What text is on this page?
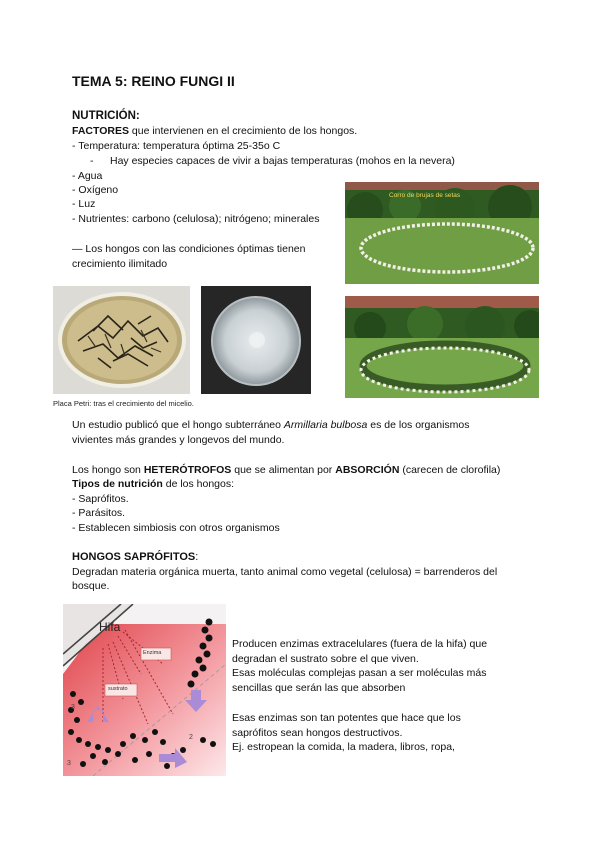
TEMA 5: REINO FUNGI II
NUTRICIÓN:
FACTORES que intervienen en el crecimiento de los hongos.
- Temperatura: temperatura óptima 25-35o C
- Hay especies capaces de vivir a bajas temperaturas (mohos en la nevera)
- Agua
- Oxígeno
- Luz
- Nutrientes: carbono (celulosa); nitrógeno; minerales
— Los hongos con las condiciones óptimas tienen
crecimiento ilimitado
Corro de brujas de setas
Placa Petri: tras el crecimiento del micelio.
Un estudio publicó que el hongo subterráneo Armillaria bulbosa es de los organismos
vivientes más grandes y longevos del mundo.
Los hongo son HETERÓTROFOS que se alimentan por ABSORCIÓN (carecen de clorofila)
Tipos de nutrición de los hongos:
- Saprófitos.
- Parásitos.
- Establecen simbiosis con otros organismos
HONGOS SAPRÓFITOS:
Degradan materia orgánica muerta, tanto animal como vegetal (celulosa) = barrenderos del
bosque.
Hifa
Enzima
sustrato
3
3
2
Producen enzimas extracelulares (fuera de la hifa) que
degradan el sustrato sobre el que viven.
Esas moléculas complejas pasan a ser moléculas más
sencillas que serán las que absorben
Esas enzimas son tan potentes que hace que los
saprófitos sean hongos destructivos.
Ej. estropean la comida, la madera, libros, ropa,
